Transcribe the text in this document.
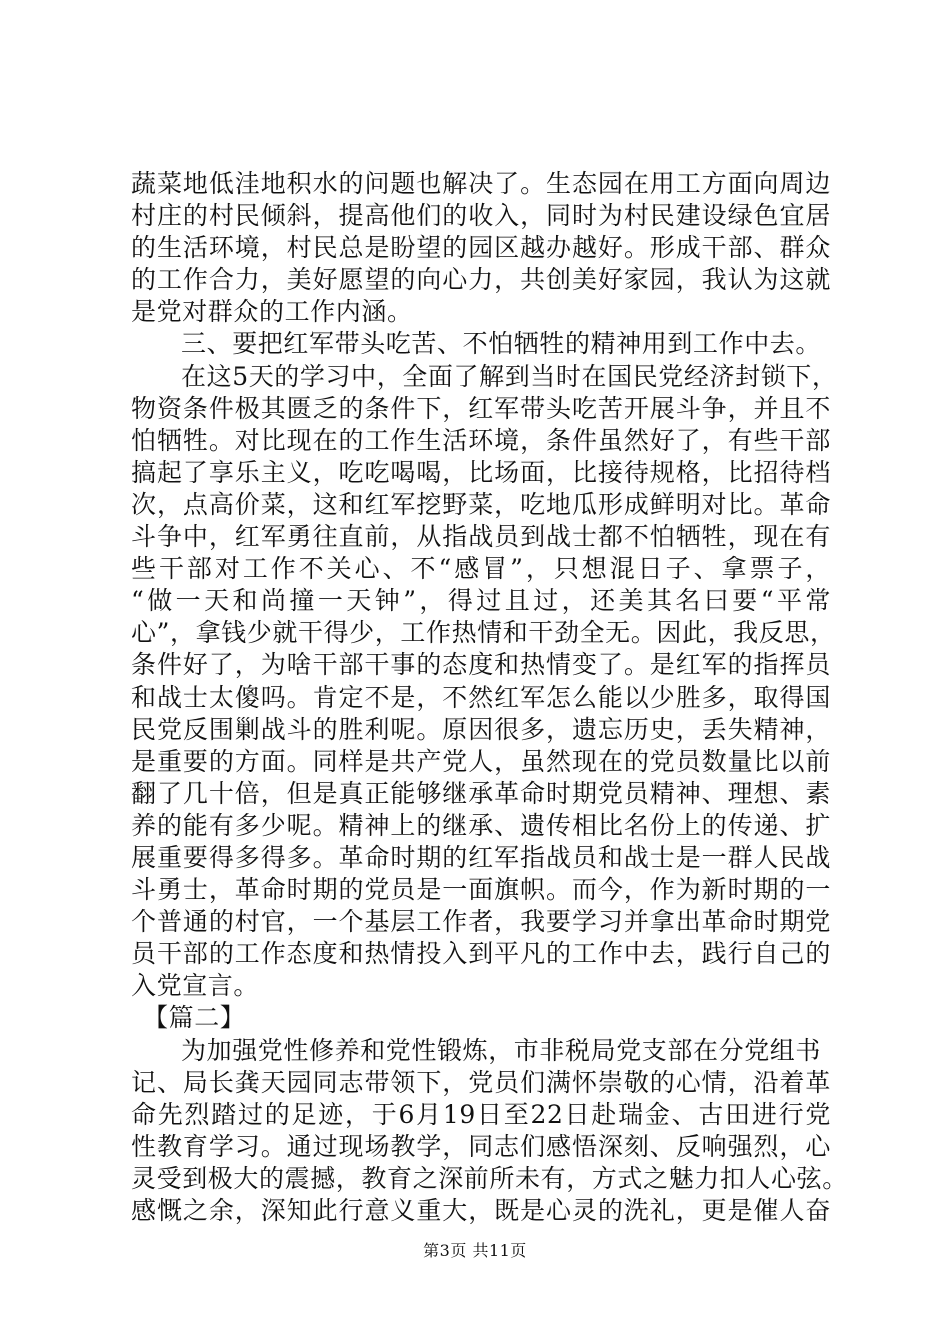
蔬菜地低洼地积水的问题也解决了。生态园在用工方面向周边
村庄的村民倾斜，提高他们的收入，同时为村民建设绿色宜居
的生活环境，村民总是盼望的园区越办越好。形成干部、群众
的工作合力，美好愿望的向心力，共创美好家园，我认为这就
是党对群众的工作内涵。
三、要把红军带头吃苦、不怕牺牲的精神用到工作中去。
在这5天的学习中，全面了解到当时在国民党经济封锁下，
物资条件极其匮乏的条件下，红军带头吃苦开展斗争，并且不
怕牺牲。对比现在的工作生活环境，条件虽然好了，有些干部
搞起了享乐主义，吃吃喝喝，比场面，比接待规格，比招待档
次，点高价菜，这和红军挖野菜，吃地瓜形成鲜明对比。革命
斗争中，红军勇往直前，从指战员到战士都不怕牺牲，现在有
些干部对工作不关心、不“感冒”，只想混日子、拿票子，
“做一天和尚撞一天钟”，得过且过，还美其名曰要“平常
心”，拿钱少就干得少，工作热情和干劲全无。因此，我反思，
条件好了，为啥干部干事的态度和热情变了。是红军的指挥员
和战士太傻吗。肯定不是，不然红军怎么能以少胜多，取得国
民党反围剿战斗的胜利呢。原因很多，遗忘历史，丢失精神，
是重要的方面。同样是共产党人，虽然现在的党员数量比以前
翻了几十倍，但是真正能够继承革命时期党员精神、理想、素
养的能有多少呢。精神上的继承、遗传相比名份上的传递、扩
展重要得多得多。革命时期的红军指战员和战士是一群人民战
斗勇士，革命时期的党员是一面旗帜。而今，作为新时期的一
个普通的村官，一个基层工作者，我要学习并拿出革命时期党
员干部的工作态度和热情投入到平凡的工作中去，践行自己的
入党宣言。
【篇二】
为加强党性修养和党性锻炼，市非税局党支部在分党组书
记、局长龚天园同志带领下，党员们满怀崇敬的心情，沿着革
命先烈踏过的足迹，于6月19日至22日赴瑞金、古田进行党
性教育学习。通过现场教学，同志们感悟深刻、反响强烈，心
灵受到极大的震撼，教育之深前所未有，方式之魅力扣人心弦。
感慨之余，深知此行意义重大，既是心灵的洗礼，更是催人奋
第3页 共11页
